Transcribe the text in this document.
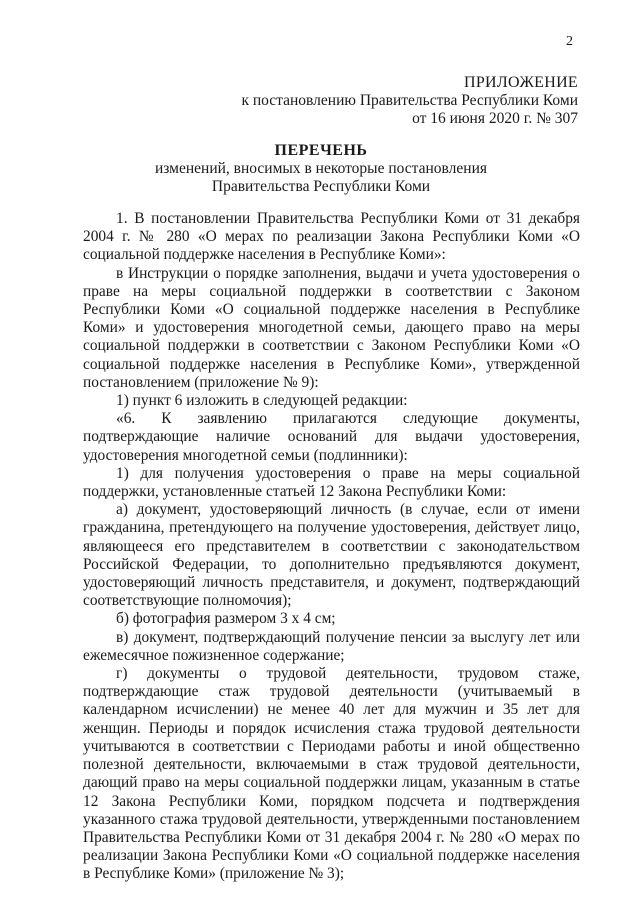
2
ПРИЛОЖЕНИЕ
к постановлению Правительства Республики Коми
от 16 июня 2020 г. № 307
ПЕРЕЧЕНЬ
изменений, вносимых в некоторые постановления
Правительства Республики Коми

1. В постановлении Правительства Республики Коми от 31 декабря 2004 г. № 280 «О мерах по реализации Закона Республики Коми «О социальной поддержке населения в Республике Коми»:

в Инструкции о порядке заполнения, выдачи и учета удостоверения о праве на меры социальной поддержки в соответствии с Законом Республики Коми «О социальной поддержке населения в Республике Коми» и удостоверения многодетной семьи, дающего право на меры социальной поддержки в соответствии с Законом Республики Коми «О социальной поддержке населения в Республике Коми», утвержденной постановлением (приложение № 9):

1) пункт 6 изложить в следующей редакции:

«6. К заявлению прилагаются следующие документы, подтверждающие наличие оснований для выдачи удостоверения, удостоверения многодетной семьи (подлинники):

1) для получения удостоверения о праве на меры социальной поддержки, установленные статьей 12 Закона Республики Коми:

а) документ, удостоверяющий личность (в случае, если от имени гражданина, претендующего на получение удостоверения, действует лицо, являющееся его представителем в соответствии с законодательством Российской Федерации, то дополнительно предъявляются документ, удостоверяющий личность представителя, и документ, подтверждающий соответствующие полномочия);

б) фотография размером 3 х 4 см;

в) документ, подтверждающий получение пенсии за выслугу лет или ежемесячное пожизненное содержание;

г) документы о трудовой деятельности, трудовом стаже, подтверждающие стаж трудовой деятельности (учитываемый в календарном исчислении) не менее 40 лет для мужчин и 35 лет для женщин. Периоды и порядок исчисления стажа трудовой деятельности учитываются в соответствии с Периодами работы и иной общественно полезной деятельности, включаемыми в стаж трудовой деятельности, дающий право на меры социальной поддержки лицам, указанным в статье 12 Закона Республики Коми, порядком подсчета и подтверждения указанного стажа трудовой деятельности, утвержденными постановлением Правительства Республики Коми от 31 декабря 2004 г. № 280 «О мерах по реализации Закона Республики Коми «О социальной поддержке населения в Республике Коми» (приложение № 3);
